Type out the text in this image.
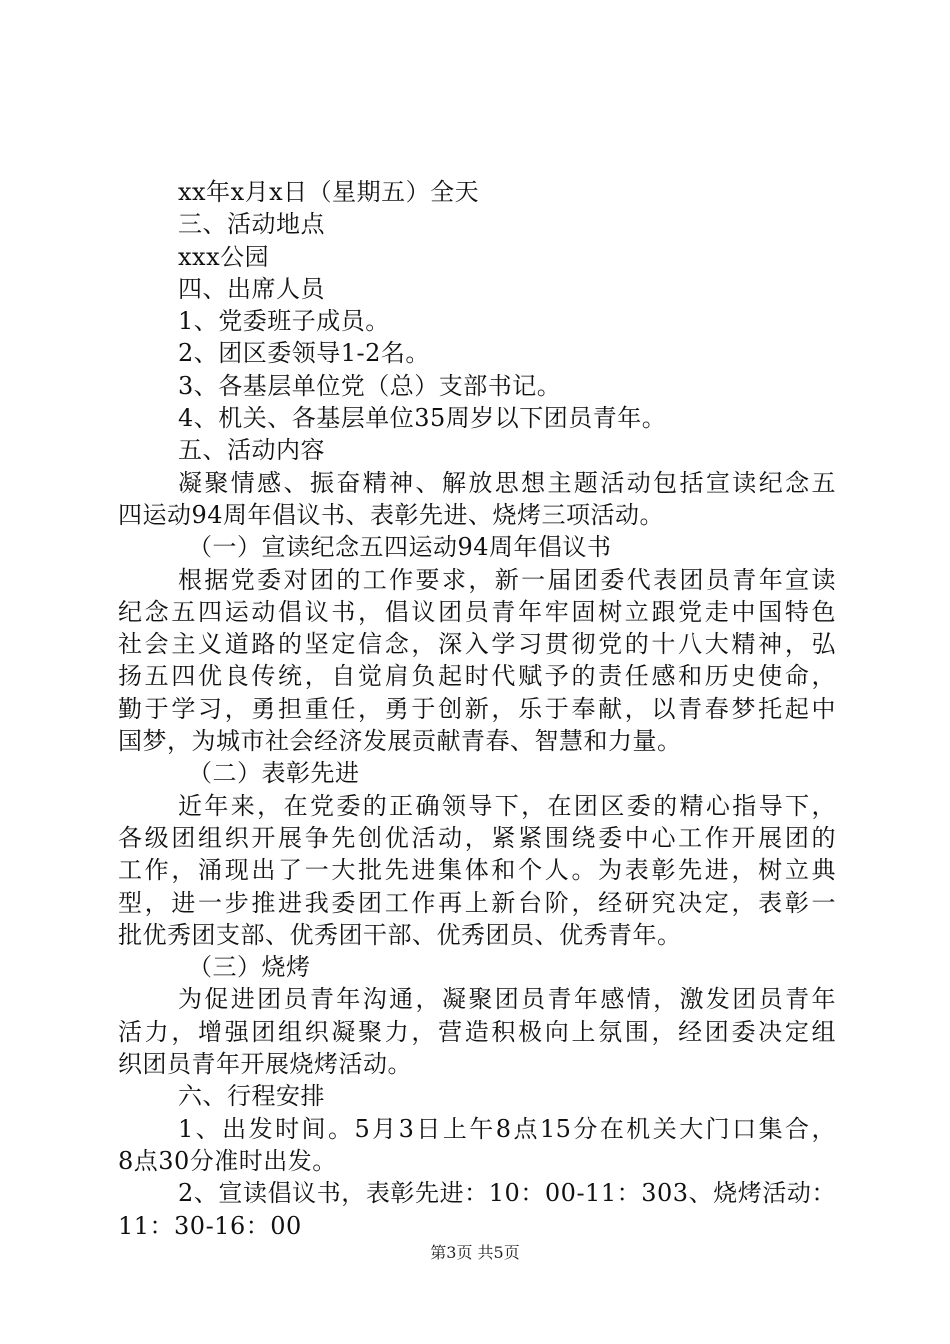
xx年x月x日（星期五）全天
三、活动地点
xxx公园
四、出席人员
1、党委班子成员。
2、团区委领导1-2名。
3、各基层单位党（总）支部书记。
4、机关、各基层单位35周岁以下团员青年。
五、活动内容
凝聚情感、振奋精神、解放思想主题活动包括宣读纪念五
四运动94周年倡议书、表彰先进、烧烤三项活动。
（一）宣读纪念五四运动94周年倡议书
根据党委对团的工作要求，新一届团委代表团员青年宣读
纪念五四运动倡议书，倡议团员青年牢固树立跟党走中国特色
社会主义道路的坚定信念，深入学习贯彻党的十八大精神，弘
扬五四优良传统，自觉肩负起时代赋予的责任感和历史使命，
勤于学习，勇担重任，勇于创新，乐于奉献，以青春梦托起中
国梦，为城市社会经济发展贡献青春、智慧和力量。
（二）表彰先进
近年来，在党委的正确领导下，在团区委的精心指导下，
各级团组织开展争先创优活动，紧紧围绕委中心工作开展团的
工作，涌现出了一大批先进集体和个人。为表彰先进，树立典
型，进一步推进我委团工作再上新台阶，经研究决定，表彰一
批优秀团支部、优秀团干部、优秀团员、优秀青年。
（三）烧烤
为促进团员青年沟通，凝聚团员青年感情，激发团员青年
活力，增强团组织凝聚力，营造积极向上氛围，经团委决定组
织团员青年开展烧烤活动。
六、行程安排
1、出发时间。5月3日上午8点15分在机关大门口集合，
8点30分准时出发。
2、宣读倡议书，表彰先进：10：00-11：303、烧烤活动：
11：30-16：00
第3页 共5页
